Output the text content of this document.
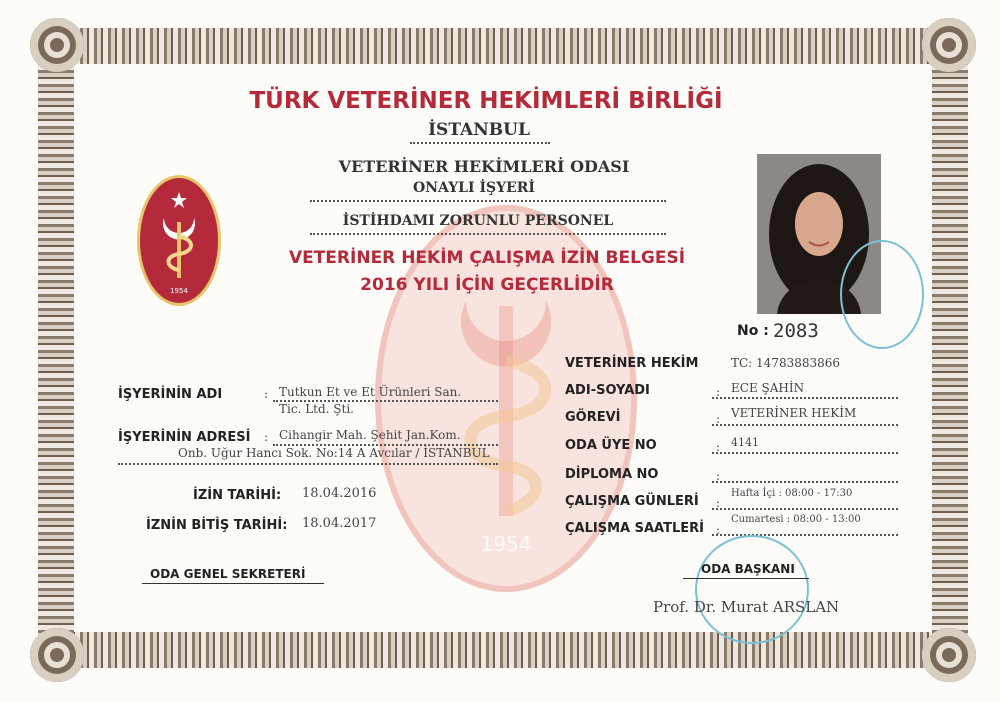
1954
TÜRK VETERİNER HEKİMLERİ BİRLİĞİ
İSTANBUL
VETERİNER HEKİMLERİ ODASI
ONAYLI İŞYERİ
İSTİHDAMI ZORUNLU PERSONEL
VETERİNER HEKİM ÇALIŞMA İZİN BELGESİ
2016 YILI İÇİN GEÇERLİDİR
1954
No : 2083
İŞYERİNİN ADI	: Tutkun Et ve Et Ürünleri San.
Tic. Ltd. Şti.
İŞYERİNİN ADRESİ : Cihangir Mah. Şehit Jan.Kom.
Onb. Uğur Hancı Sok. No:14 A Avcılar / İSTANBUL
İZİN TARİHİ: 18.04.2016
İZNİN BİTİŞ TARİHİ: 18.04.2017
VETERİNER HEKİM	TC: 14783883866
ADI-SOYADI	: ECE ŞAHİN
GÖREVİ	: VETERİNER HEKİM
ODA ÜYE NO	: 4141
DİPLOMA NO	:
ÇALIŞMA GÜNLERİ :
Hafta İçi : 08:00 - 17:30
ÇALIŞMA SAATLERİ :
Cumartesi : 08:00 - 13:00
ODA GENEL SEKRETERİ	ODA BAŞKANI
Prof. Dr. Murat ARSLAN
